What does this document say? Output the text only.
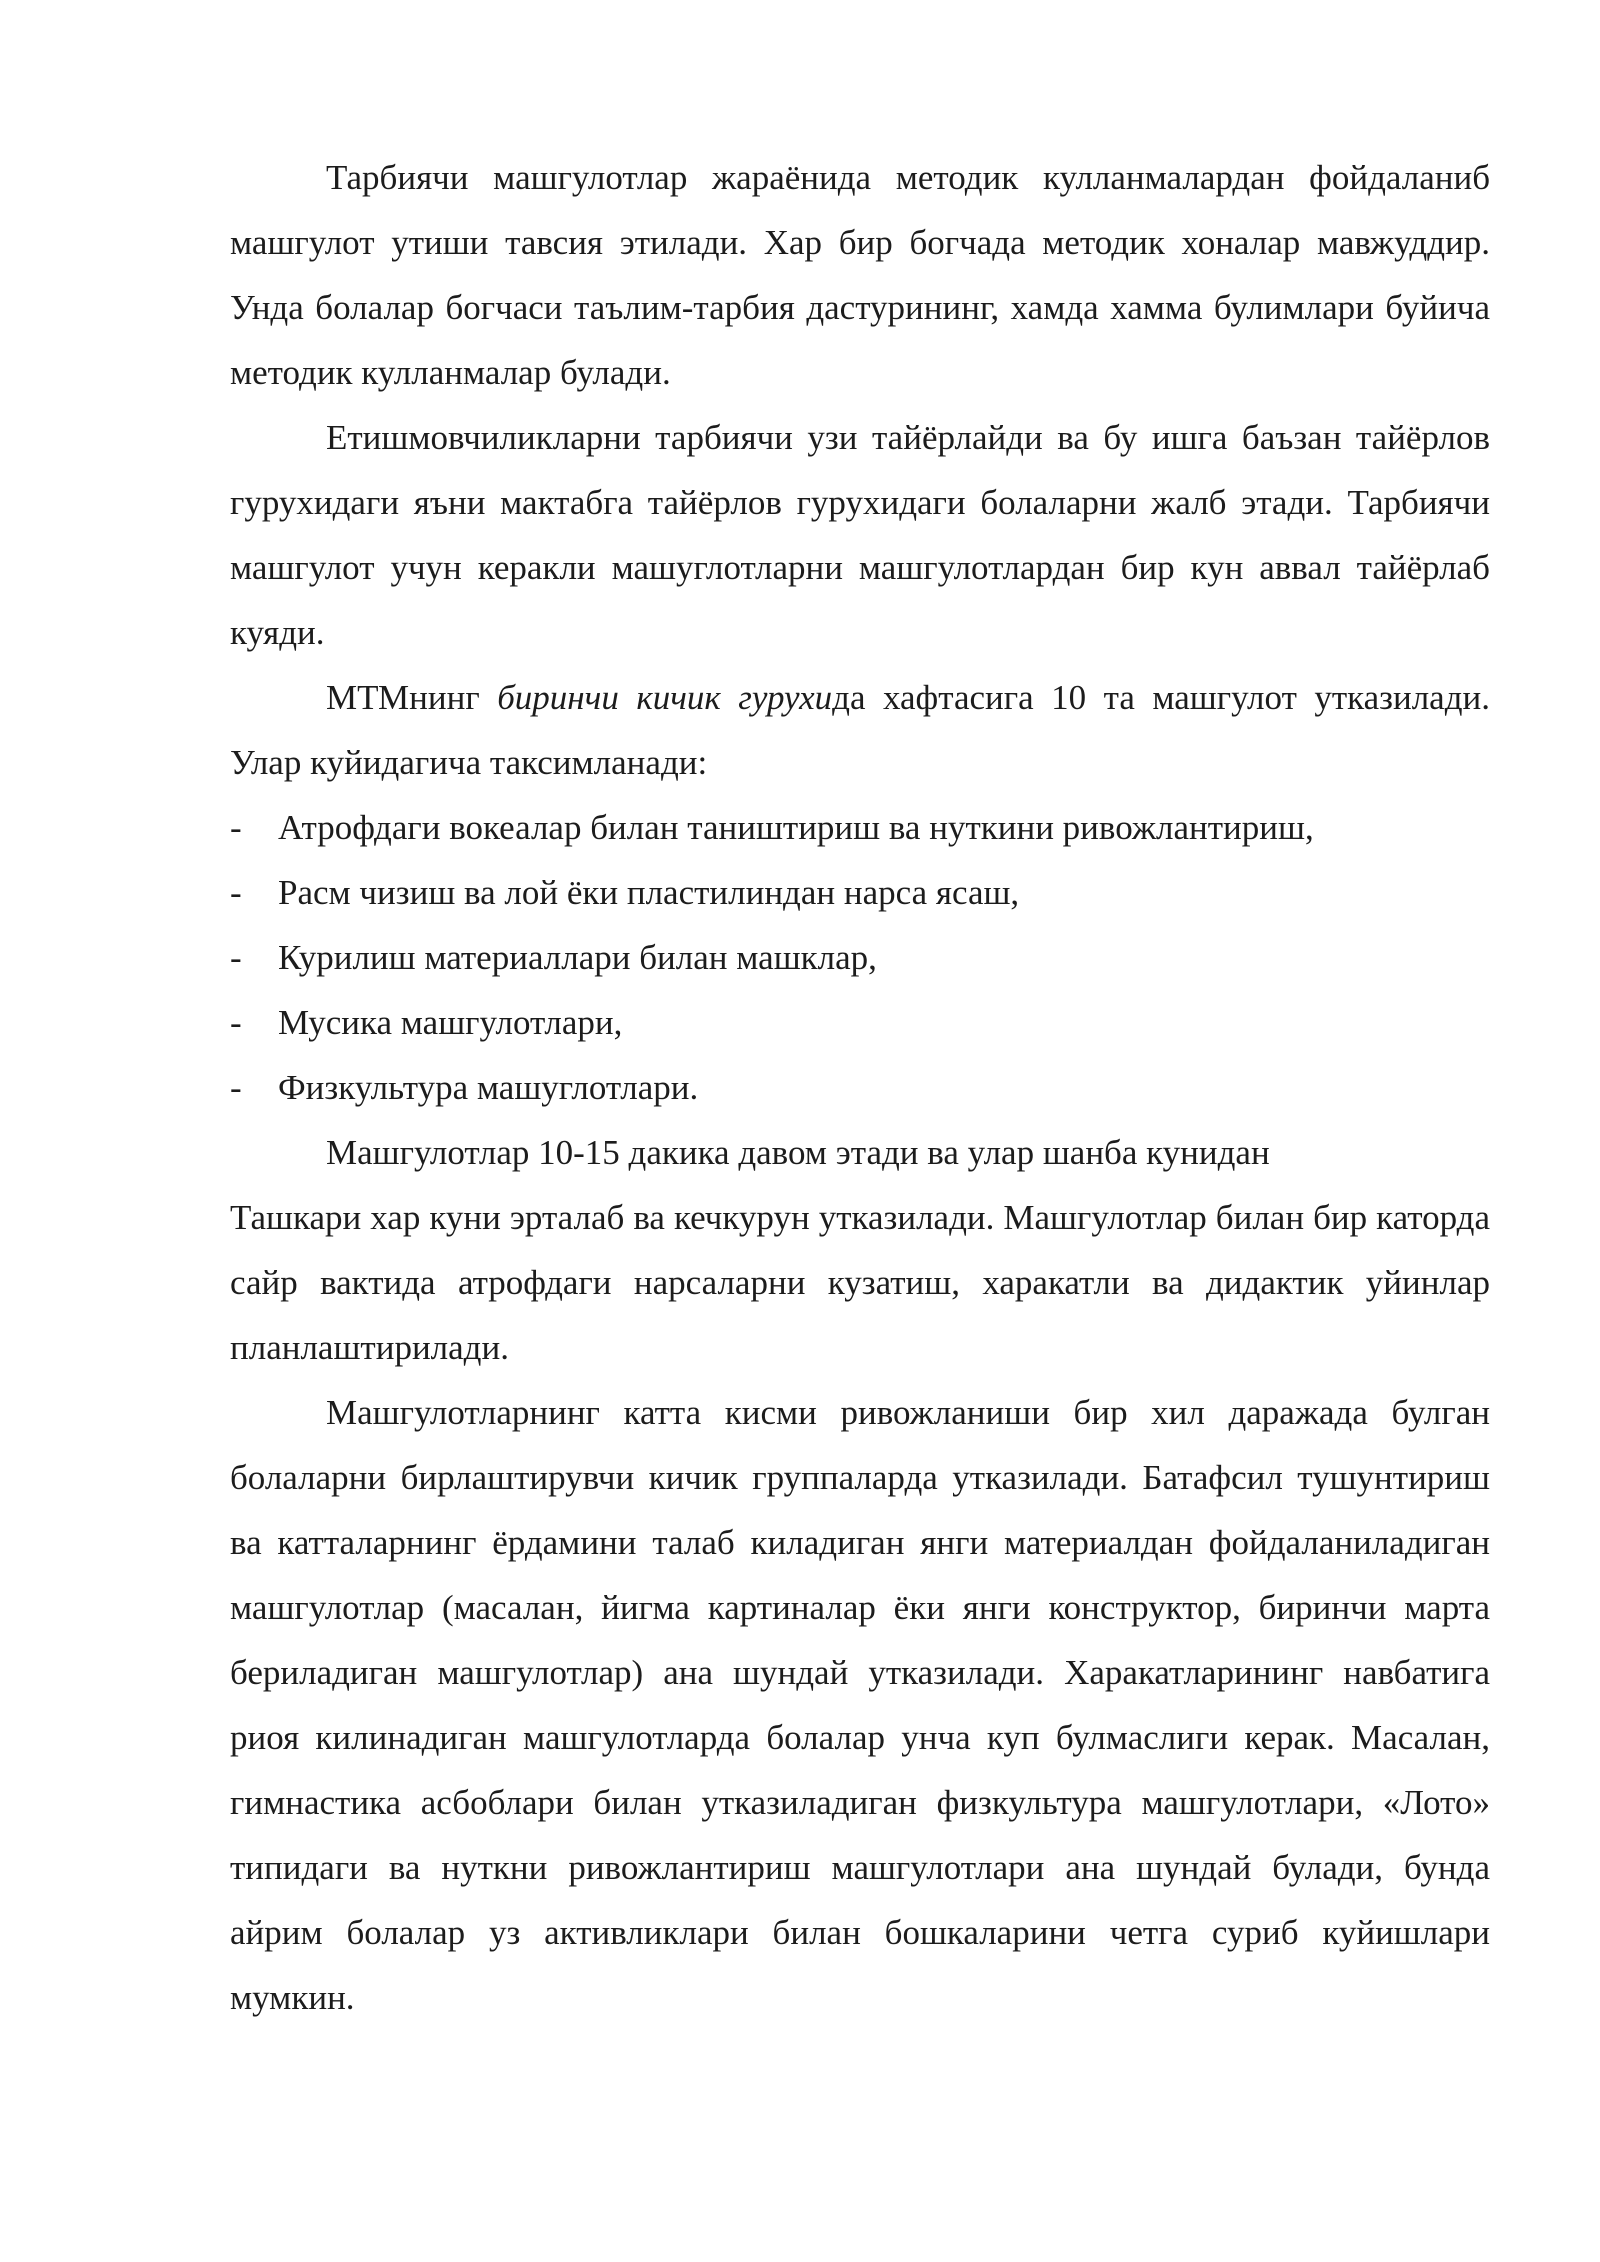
Тарбиячи машгулотлар жараёнида методик кулланмалардан фойдаланиб машгулот утиши тавсия этилади. Хар бир богчада методик хоналар мавжуддир. Унда болалар богчаси таълим-тарбия дастурининг, хамда хамма булимлари буйича методик кулланмалар булади.

Етишмовчиликларни тарбиячи узи тайёрлайди ва бу ишга баъзан тайёрлов гурухидаги яъни мактабга тайёрлов гурухидаги болаларни жалб этади. Тарбиячи машгулот учун керакли машуглотларни машгулотлардан бир кун аввал тайёрлаб куяди.

МТМнинг биринчи кичик гурухида хафтасига 10 та машгулот утказилади. Улар куйидагича таксимланади:

- Атрофдаги вокеалар билан таништириш ва нуткини ривожлантириш,
- Расм чизиш ва лой ёки пластилиндан нарса ясаш,
- Курилиш материаллари билан машклар,
- Мусика машгулотлари,
- Физкультура машуглотлари.
Машгулотлар 10-15 дакика давом этади ва улар шанба кунидан
Ташкари хар куни эрталаб ва кечкурун утказилади. Машгулотлар билан бир каторда сайр вактида атрофдаги нарсаларни кузатиш, харакатли ва дидактик уйинлар планлаштирилади.

Машгулотларнинг катта кисми ривожланиши бир хил даражада булган болаларни бирлаштирувчи кичик группаларда утказилади. Батафсил тушунтириш ва катталарнинг ёрдамини талаб киладиган янги материалдан фойдаланиладиган машгулотлар (масалан, йигма картиналар ёки янги конструктор, биринчи марта бериладиган машгулотлар) ана шундай утказилади. Харакатларининг навбатига риоя килинадиган машгулотларда болалар унча куп булмаслиги керак. Масалан, гимнастика асбоблари билан утказиладиган физкультура машгулотлари, «Лото» типидаги ва нуткни ривожлантириш машгулотлари ана шундай булади, бунда айрим болалар уз активликлари билан бошкаларини четга суриб куйишлари мумкин.
